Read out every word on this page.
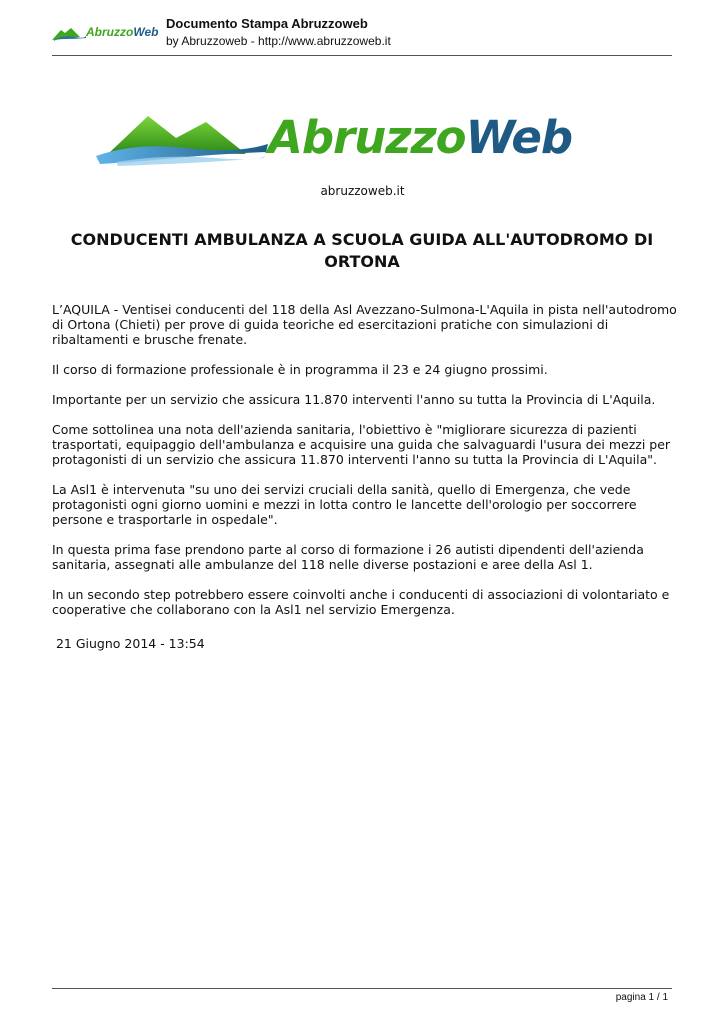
AbruzzoWeb
Documento Stampa Abruzzoweb
by Abruzzoweb - http://www.abruzzoweb.it
AbruzzoWeb
abruzzoweb.it
CONDUCENTI AMBULANZA A SCUOLA GUIDA ALL'AUTODROMO DI ORTONA

L’AQUILA - Ventisei conducenti del 118 della Asl Avezzano-Sulmona-L'Aquila in pista nell'autodromo di Ortona (Chieti) per prove di guida teoriche ed esercitazioni pratiche con simulazioni di ribaltamenti e brusche frenate.

Il corso di formazione professionale è in programma il 23 e 24 giugno prossimi.

Importante per un servizio che assicura 11.870 interventi l'anno su tutta la Provincia di L'Aquila.

Come sottolinea una nota dell'azienda sanitaria, l'obiettivo è "migliorare sicurezza di pazienti trasportati, equipaggio dell'ambulanza e acquisire una guida che salvaguardi l'usura dei mezzi per protagonisti di un servizio che assicura 11.870 interventi l'anno su tutta la Provincia di L'Aquila".

La Asl1 è intervenuta "su uno dei servizi cruciali della sanità, quello di Emergenza, che vede protagonisti ogni giorno uomini e mezzi in lotta contro le lancette dell'orologio per soccorrere persone e trasportarle in ospedale".

In questa prima fase prendono parte al corso di formazione i 26 autisti dipendenti dell'azienda sanitaria, assegnati alle ambulanze del 118 nelle diverse postazioni e aree della Asl 1.

In un secondo step potrebbero essere coinvolti anche i conducenti di associazioni di volontariato e cooperative che collaborano con la Asl1 nel servizio Emergenza.

21 Giugno 2014 - 13:54
pagina 1 / 1
